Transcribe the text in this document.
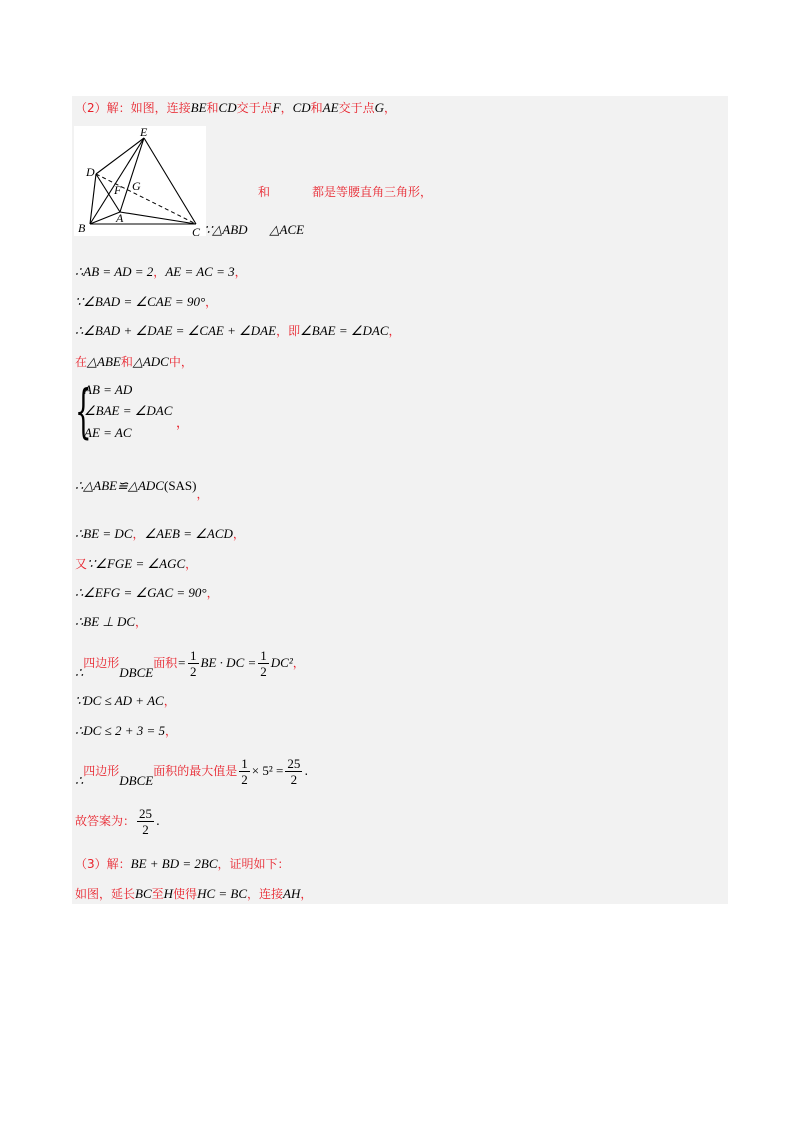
（2）解：如图，连接BE和CD交于点F，CD和AE交于点G，
E
D
F G
A
B	C
和	都是等腰直角三角形，
∵△ABD △ACE
∴AB = AD = 2，AE = AC = 3，
∵∠BAD = ∠CAE = 90°，
∴∠BAD + ∠DAE = ∠CAE + ∠DAE，即∠BAE = ∠DAC，
在△ABE和△ADC中，
{
AB = AD
∠BAE = ∠DAC
AE = AC
，
∴△ABE≌△ADC(SAS)，
∴BE = DC，∠AEB = ∠ACD，
又∵∠FGE = ∠AGC，
∴∠EFG = ∠GAC = 90°，
∴BE ⊥ DC，
∴四边形DBCE面积= $\frac{1}{2}$ BE · DC = $\frac{1}{2} DC^2$，
∵DC ≤ AD + AC，
∴DC ≤ 2 + 3 = 5，
∴四边形DBCE面积的最大值是 $\frac{1}{2} \times 5^2 = \frac{25}{2}$ .
故答案为： $\frac{25}{2}$ .
（3）解：BE + BD = 2BC，证明如下：
如图，延长BC至H使得HC = BC，连接AH，
